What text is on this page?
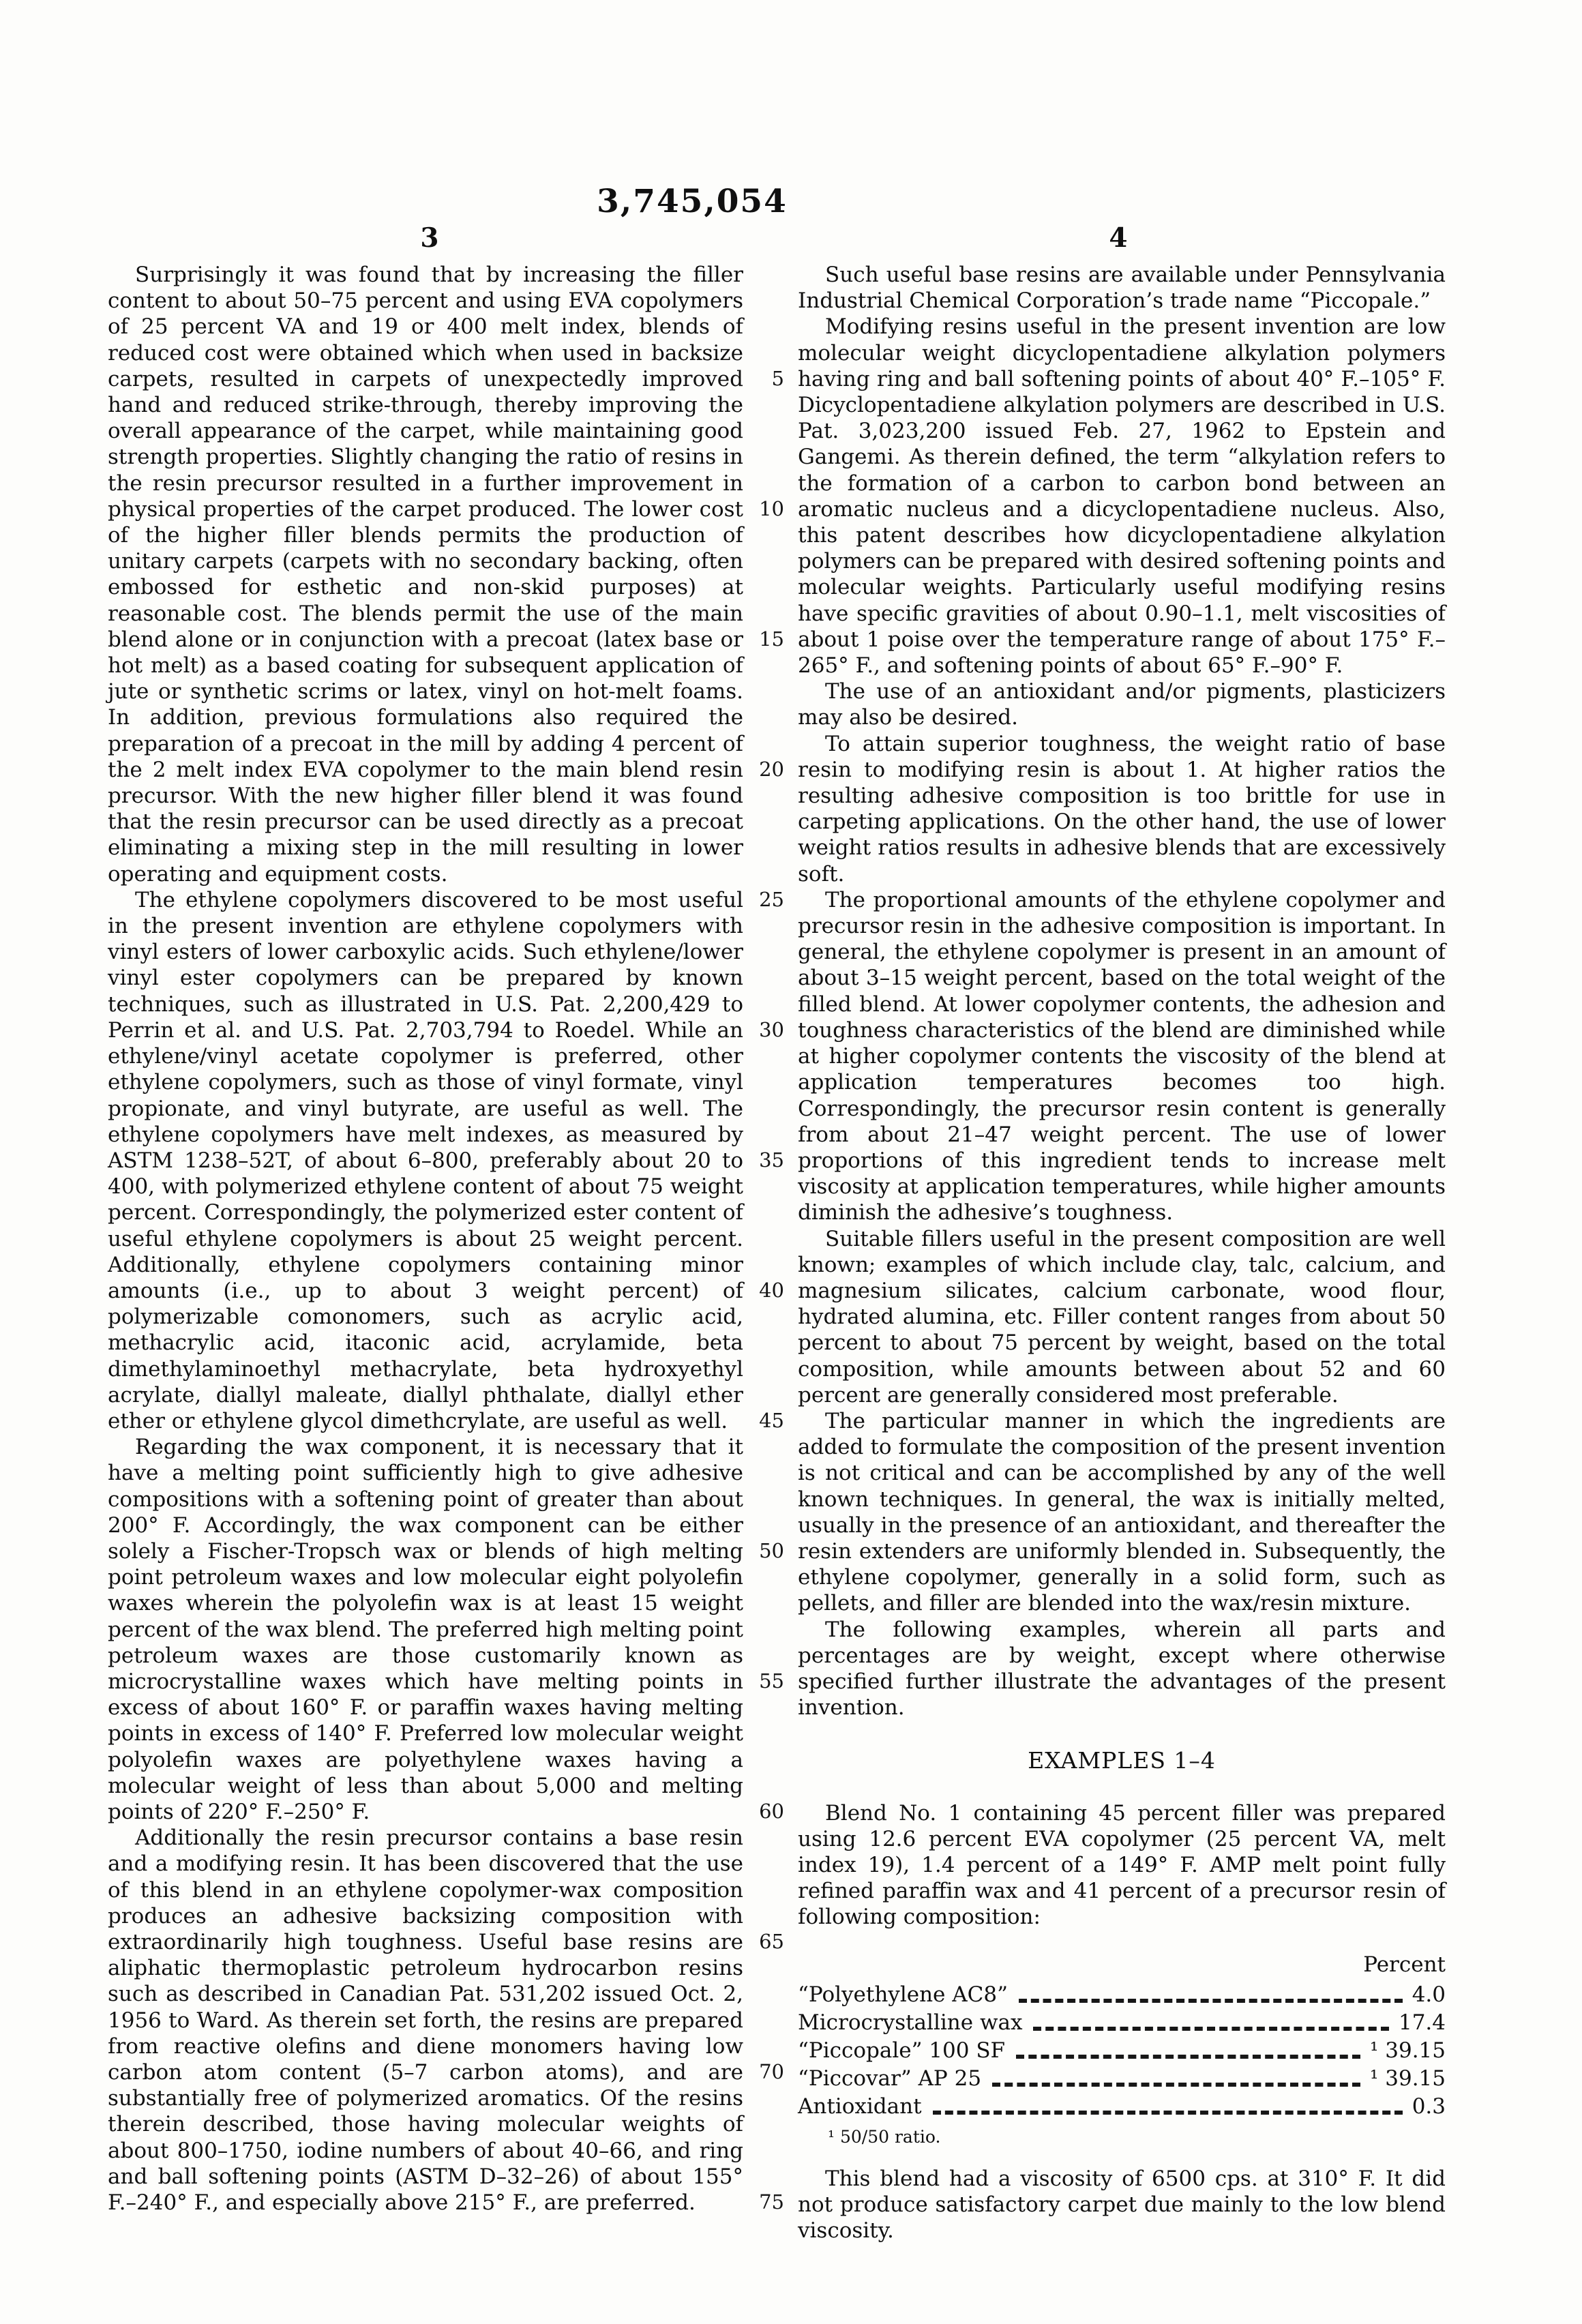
3,745,054
3	4

Surprisingly it was found that by increasing the filler content to about 50–75 percent and using EVA copolymers of 25 percent VA and 19 or 400 melt index, blends of reduced cost were obtained which when used in backsize carpets, resulted in carpets of unexpectedly improved hand and reduced strike-through, thereby improving the overall appearance of the carpet, while maintaining good strength properties. Slightly changing the ratio of resins in the resin precursor resulted in a further improvement in physical properties of the carpet produced. The lower cost of the higher filler blends permits the production of unitary carpets (carpets with no secondary backing, often embossed for esthetic and non-skid purposes) at reasonable cost. The blends permit the use of the main blend alone or in conjunction with a precoat (latex base or hot melt) as a based coating for subsequent application of jute or synthetic scrims or latex, vinyl on hot-melt foams. In addition, previous formulations also required the preparation of a precoat in the mill by adding 4 percent of the 2 melt index EVA copolymer to the main blend resin precursor. With the new higher filler blend it was found that the resin precursor can be used directly as a precoat eliminating a mixing step in the mill resulting in lower operating and equipment costs.

The ethylene copolymers discovered to be most useful in the present invention are ethylene copolymers with vinyl esters of lower carboxylic acids. Such ethylene/lower vinyl ester copolymers can be prepared by known techniques, such as illustrated in U.S. Pat. 2,200,429 to Perrin et al. and U.S. Pat. 2,703,794 to Roedel. While an ethylene/vinyl acetate copolymer is preferred, other ethylene copolymers, such as those of vinyl formate, vinyl propionate, and vinyl butyrate, are useful as well. The ethylene copolymers have melt indexes, as measured by ASTM 1238–52T, of about 6–800, preferably about 20 to 400, with polymerized ethylene content of about 75 weight percent. Correspondingly, the polymerized ester content of useful ethylene copolymers is about 25 weight percent. Additionally, ethylene copolymers containing minor amounts (i.e., up to about 3 weight percent) of polymerizable comonomers, such as acrylic acid, methacrylic acid, itaconic acid, acrylamide, beta dimethylaminoethyl methacrylate, beta hydroxyethyl acrylate, diallyl maleate, diallyl phthalate, diallyl ether ether or ethylene glycol dimethcrylate, are useful as well.

Regarding the wax component, it is necessary that it have a melting point sufficiently high to give adhesive compositions with a softening point of greater than about 200° F. Accordingly, the wax component can be either solely a Fischer-Tropsch wax or blends of high melting point petroleum waxes and low molecular eight polyolefin waxes wherein the polyolefin wax is at least 15 weight percent of the wax blend. The preferred high melting point petroleum waxes are those customarily known as microcrystalline waxes which have melting points in excess of about 160° F. or paraffin waxes having melting points in excess of 140° F. Preferred low molecular weight polyolefin waxes are polyethylene waxes having a molecular weight of less than about 5,000 and melting points of 220° F.–250° F.

Additionally the resin precursor contains a base resin and a modifying resin. It has been discovered that the use of this blend in an ethylene copolymer-wax composition produces an adhesive backsizing composition with extraordinarily high toughness. Useful base resins are aliphatic thermoplastic petroleum hydrocarbon resins such as described in Canadian Pat. 531,202 issued Oct. 2, 1956 to Ward. As therein set forth, the resins are prepared from reactive olefins and diene monomers having low carbon atom content (5–7 carbon atoms), and are substantially free of polymerized aromatics. Of the resins therein described, those having molecular weights of about 800–1750, iodine numbers of about 40–66, and ring and ball softening points (ASTM D–32–26) of about 155° F.–240° F., and especially above 215° F., are preferred.

5
10
15
20
25
30
35
40
45
50
55
60
65
70
75

Such useful base resins are available under Pennsylvania Industrial Chemical Corporation’s trade name “Piccopale.”

Modifying resins useful in the present invention are low molecular weight dicyclopentadiene alkylation polymers having ring and ball softening points of about 40° F.–105° F. Dicyclopentadiene alkylation polymers are described in U.S. Pat. 3,023,200 issued Feb. 27, 1962 to Epstein and Gangemi. As therein defined, the term “alkylation refers to the formation of a carbon to carbon bond between an aromatic nucleus and a dicyclopentadiene nucleus. Also, this patent describes how dicyclopentadiene alkylation polymers can be prepared with desired softening points and molecular weights. Particularly useful modifying resins have specific gravities of about 0.90–1.1, melt viscosities of about 1 poise over the temperature range of about 175° F.–265° F., and softening points of about 65° F.–90° F.

The use of an antioxidant and/or pigments, plasticizers may also be desired.

To attain superior toughness, the weight ratio of base resin to modifying resin is about 1. At higher ratios the resulting adhesive composition is too brittle for use in carpeting applications. On the other hand, the use of lower weight ratios results in adhesive blends that are excessively soft.

The proportional amounts of the ethylene copolymer and precursor resin in the adhesive composition is important. In general, the ethylene copolymer is present in an amount of about 3–15 weight percent, based on the total weight of the filled blend. At lower copolymer contents, the adhesion and toughness characteristics of the blend are diminished while at higher copolymer contents the viscosity of the blend at application temperatures becomes too high. Correspondingly, the precursor resin content is generally from about 21–47 weight percent. The use of lower proportions of this ingredient tends to increase melt viscosity at application temperatures, while higher amounts diminish the adhesive’s toughness.

Suitable fillers useful in the present composition are well known; examples of which include clay, talc, calcium, and magnesium silicates, calcium carbonate, wood flour, hydrated alumina, etc. Filler content ranges from about 50 percent to about 75 percent by weight, based on the total composition, while amounts between about 52 and 60 percent are generally considered most preferable.

The particular manner in which the ingredients are added to formulate the composition of the present invention is not critical and can be accomplished by any of the well known techniques. In general, the wax is initially melted, usually in the presence of an antioxidant, and thereafter the resin extenders are uniformly blended in. Subsequently, the ethylene copolymer, generally in a solid form, such as pellets, and filler are blended into the wax/resin mixture.

The following examples, wherein all parts and percentages are by weight, except where otherwise specified further illustrate the advantages of the present invention.

EXAMPLES 1–4

Blend No. 1 containing 45 percent filler was prepared using 12.6 percent EVA copolymer (25 percent VA, melt index 19), 1.4 percent of a 149° F. AMP melt point fully refined paraffin wax and 41 percent of a precursor resin of following composition:

Percent
“Polyethylene AC8”	4.0
Microcrystalline wax	17.4
“Piccopale” 100 SF	¹ 39.15
“Piccovar” AP 25	¹ 39.15
Antioxidant	0.3
¹ 50/50 ratio.

This blend had a viscosity of 6500 cps. at 310° F. It did not produce satisfactory carpet due mainly to the low blend viscosity.
